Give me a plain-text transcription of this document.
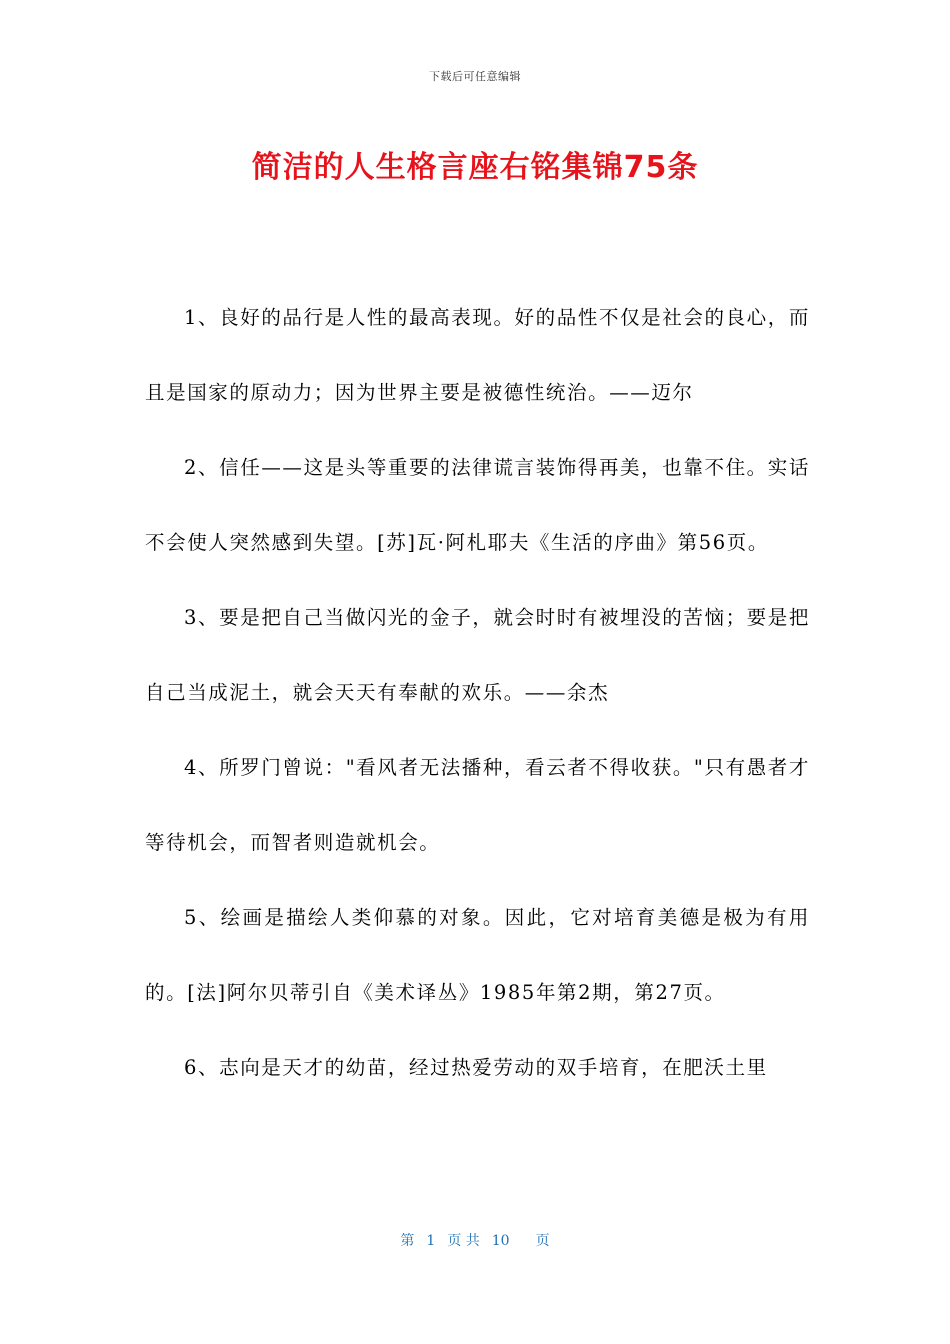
下载后可任意编辑
简洁的人生格言座右铭集锦75条

1、良好的品行是人性的最高表现。好的品性不仅是社会的良心，而且是国家的原动力；因为世界主要是被德性统治。——迈尔

2、信任——这是头等重要的法律谎言装饰得再美，也靠不住。实话不会使人突然感到失望。[苏]瓦·阿札耶夫《生活的序曲》第56页。

3、要是把自己当做闪光的金子，就会时时有被埋没的苦恼；要是把自己当成泥土，就会天天有奉献的欢乐。——余杰

4、所罗门曾说："看风者无法播种，看云者不得收获。"只有愚者才等待机会，而智者则造就机会。

5、绘画是描绘人类仰慕的对象。因此，它对培育美德是极为有用的。[法]阿尔贝蒂引自《美术译丛》1985年第2期，第27页。

6、志向是天才的幼苗，经过热爱劳动的双手培育，在肥沃土里

第 1 页 共 10 页
